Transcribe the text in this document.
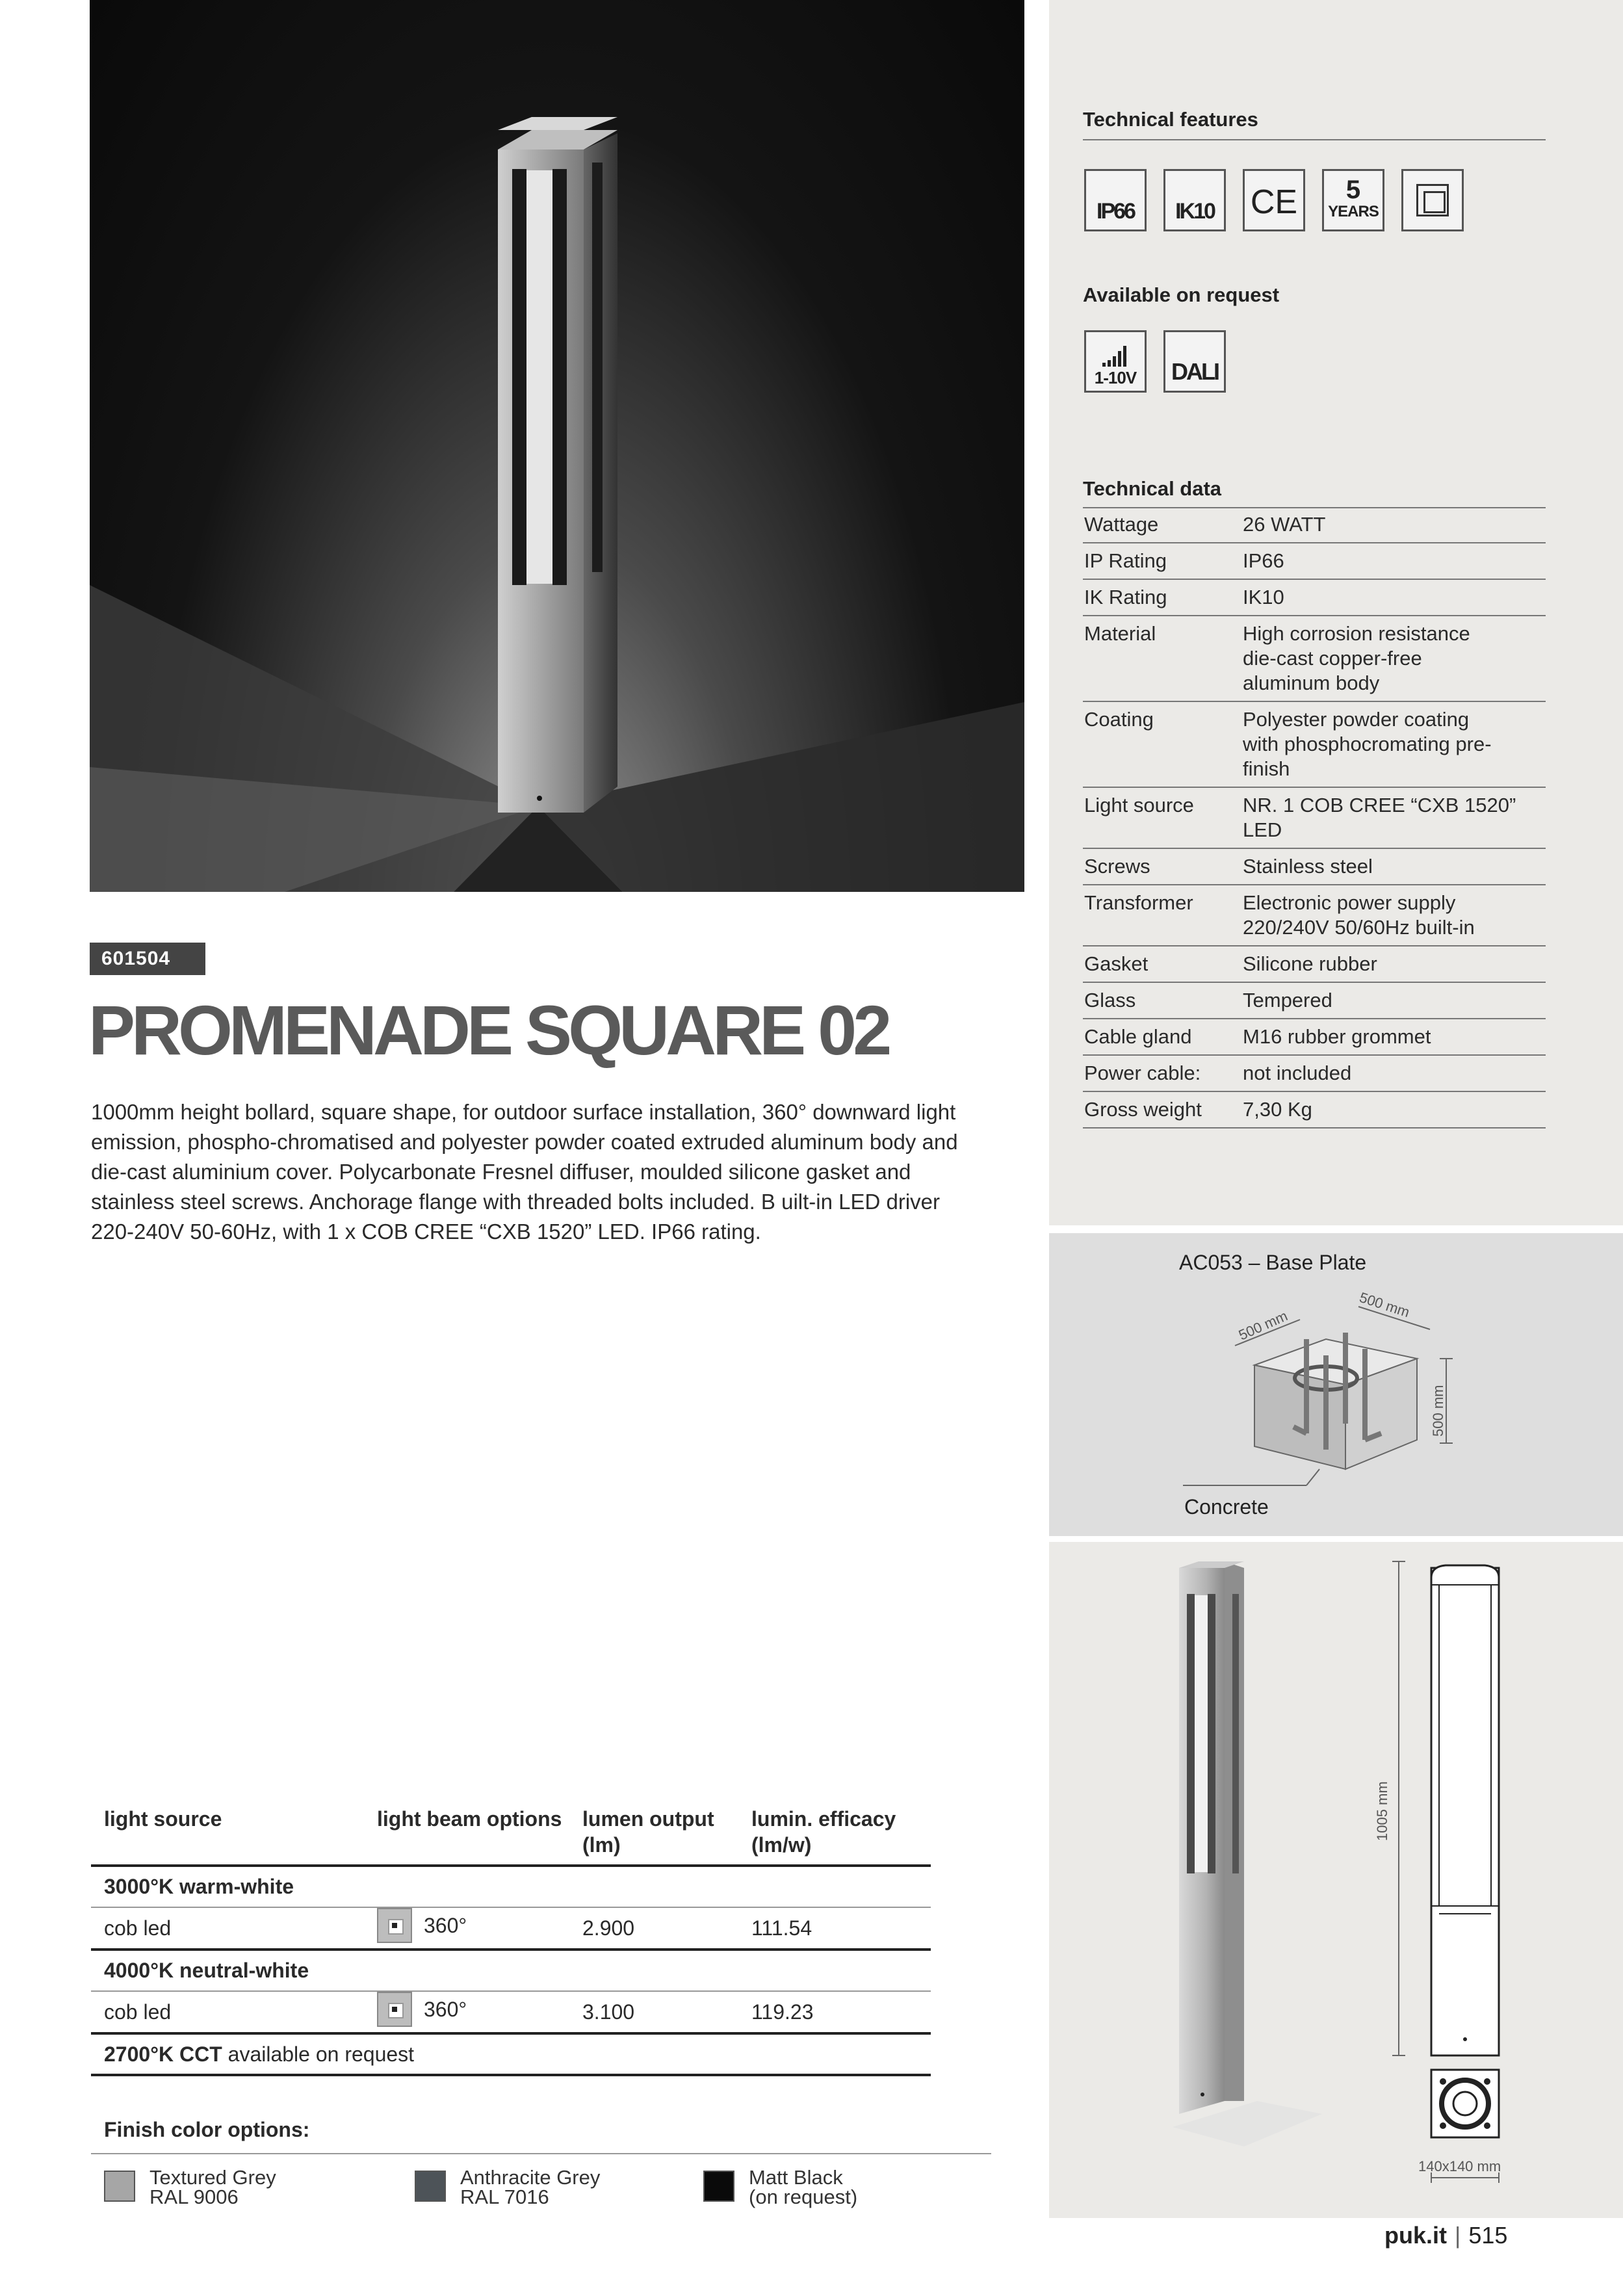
601504
PROMENADE SQUARE 02
1000mm height bollard, square shape, for outdoor surface installation, 360° downward light emission, phospho-chromatised and polyester powder coated extruded aluminum body and die-cast aluminium cover. Polycarbonate Fresnel diffuser, moulded silicone gasket and stainless steel screws. Anchorage flange with threaded bolts included. B uilt-in LED driver 220-240V 50-60Hz, with 1 x COB CREE “CXB 1520” LED. IP66 rating.
light source	light beam options	lumen output (lm)	lumin. efficacy (lm/w)
3000°K warm-white			
cob led	360°	2.900	111.54
4000°K neutral-white			
cob led	360°	3.100	119.23
2700°K CCT available on request			
Finish color options:
Textured Grey
RAL 9006
Anthracite Grey
RAL 7016
Matt Black
(on request)
Technical features
IP66	IK10	CE 5
YEARS
Available on request
1-10V	DALI
Technical data
Wattage	26 WATT
IP Rating	IP66
IK Rating	IK10
Material	High corrosion resistance die-cast copper-free aluminum body
Coating	Polyester powder coating with phosphocromating pre-finish
Light source	NR. 1 COB CREE “CXB 1520” LED
Screws	Stainless steel
Transformer	Electronic power supply 220/240V 50/60Hz built-in
Gasket	Silicone rubber
Glass	Tempered
Cable gland	M16 rubber grommet
Power cable:	not included
Gross weight	7,30 Kg
AC053 – Base Plate
500 mm
500 mm
500 mm
Concrete
1005 mm
140x140 mm
puk.it | 515
